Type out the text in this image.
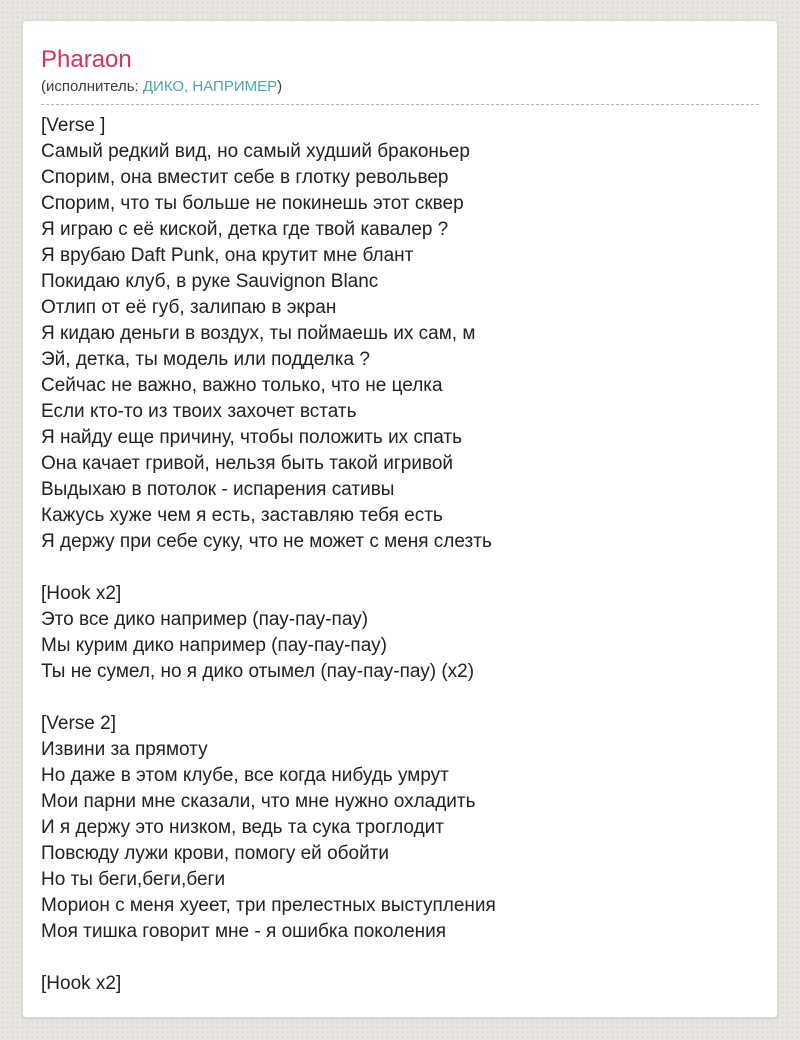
Pharaon
(исполнитель: ДИКО, НАПРИМЕР)
[Verse ]
Самый редкий вид, но самый худший браконьер
Спорим, она вместит себе в глотку револьвер
Спорим, что ты больше не покинешь этот сквер
Я играю с её киской, детка где твой кавалер ?
Я врубаю Daft Punk, она крутит мне блант
Покидаю клуб, в руке Sauvignon Blanc
Отлип от её губ, залипаю в экран
Я кидаю деньги в воздух, ты поймаешь их сам, м
Эй, детка, ты модель или подделка ?
Сейчас не важно, важно только, что не целка
Если кто-то из твоих захочет встать
Я найду еще причину, чтобы положить их спать
Она качает гривой, нельзя быть такой игривой
Выдыхаю в потолок - испарения сативы
Кажусь хуже чем я есть, заставляю тебя есть
Я держу при себе суку, что не может с меня слезть
[Hook x2]
Это все дико например (пау-пау-пау)
Мы курим дико например (пау-пау-пау)
Ты не сумел, но я дико отымел (пау-пау-пау) (x2)
[Verse 2]
Извини за прямоту
Но даже в этом клубе, все когда нибудь умрут
Мои парни мне сказали, что мне нужно охладить
И я держу это низком, ведь та сука троглодит
Повсюду лужи крови, помогу ей обойти
Но ты беги,беги,беги
Морион с меня хуеет, три прелестных выступления
Моя тишка говорит мне - я ошибка поколения
[Hook x2]
